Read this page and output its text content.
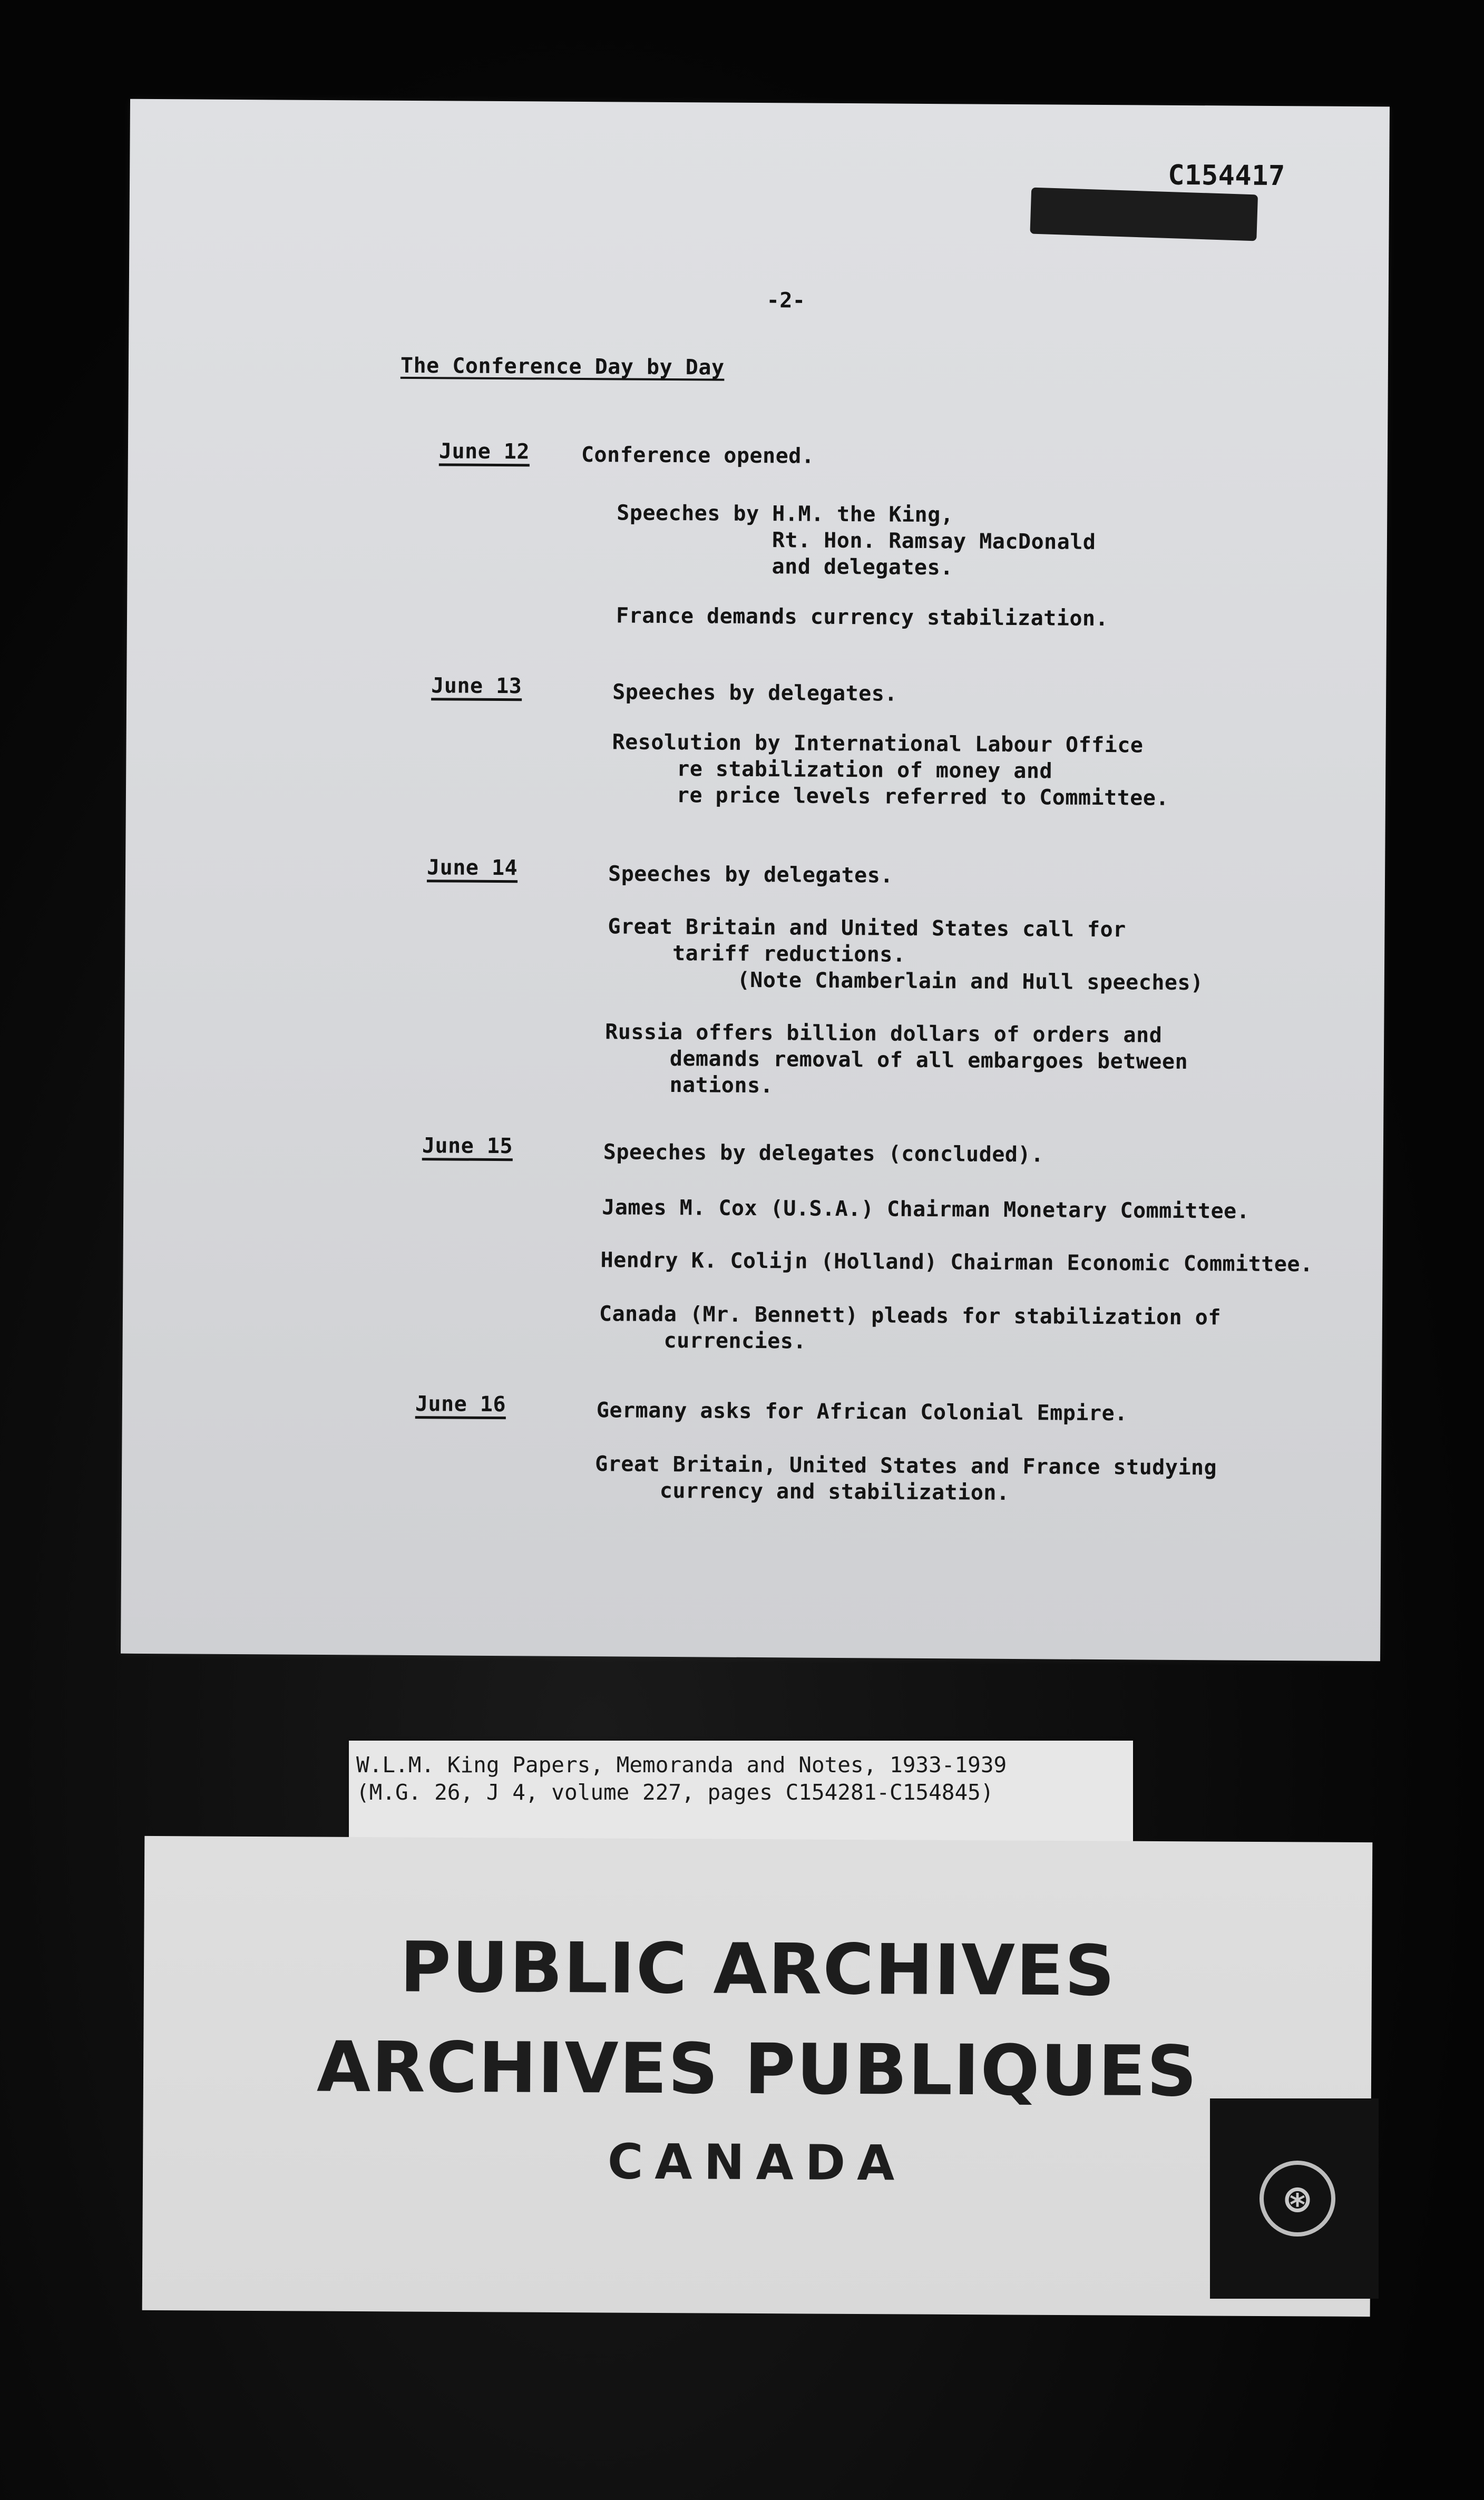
C154417
-2-
The Conference Day by Day
June 12 Conference opened.
Speeches by H.M. the King,
Rt. Hon. Ramsay MacDonald
and delegates.
France demands currency stabilization.
June 13	Speeches by delegates.
Resolution by International Labour Office
re stabilization of money and
re price levels referred to Committee.
June 14	Speeches by delegates.
Great Britain and United States call for
tariff reductions.
(Note Chamberlain and Hull speeches)
Russia offers billion dollars of orders and
demands removal of all embargoes between
nations.
June 15	Speeches by delegates (concluded).
James M. Cox (U.S.A.) Chairman Monetary Committee.
Hendry K. Colijn (Holland) Chairman Economic Committee.
Canada (Mr. Bennett) pleads for stabilization of
currencies.
June 16	Germany asks for African Colonial Empire.
Great Britain, United States and France studying
currency and stabilization.
W.L.M. King Papers, Memoranda and Notes, 1933-1939
(M.G. 26, J 4, volume 227, pages C154281-C154845)
PUBLIC ARCHIVES
ARCHIVES PUBLIQUES
CANADA
⊛
